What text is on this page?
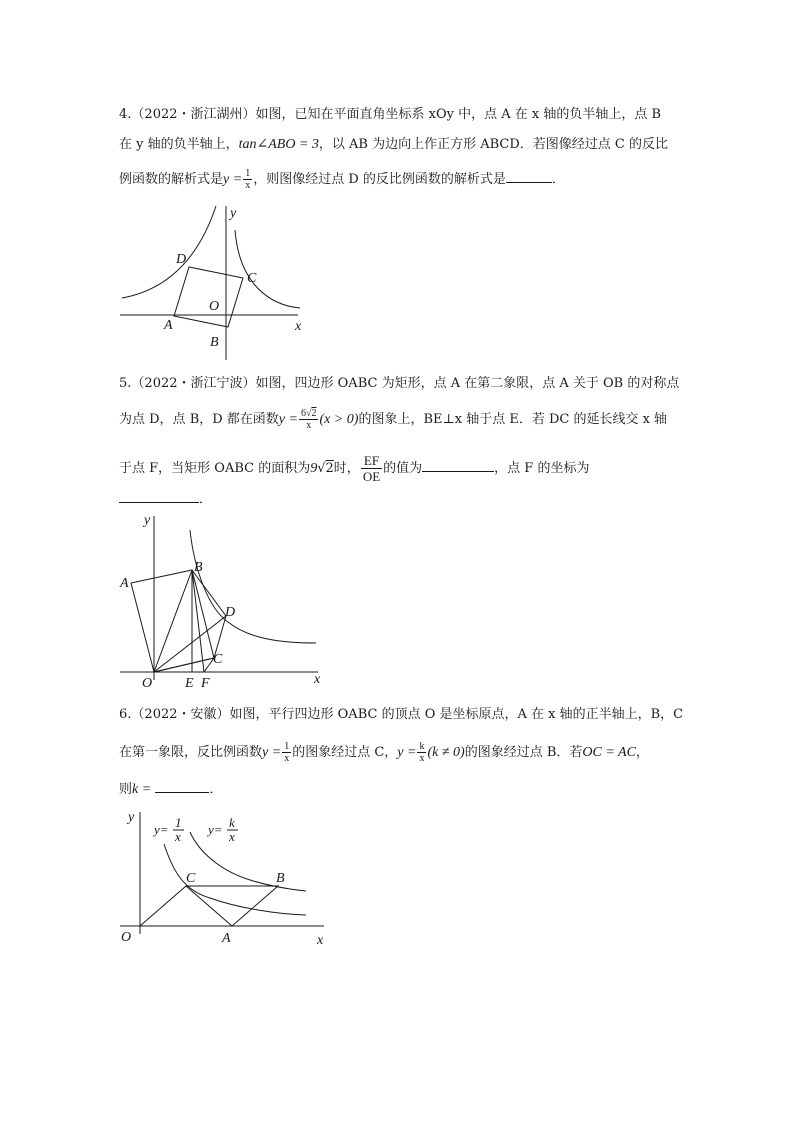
4.（2022・浙江湖州）如图，已知在平面直角坐标系 xOy 中，点 A 在 x 轴的负半轴上，点 B
在 y 轴的负半轴上，tan∠ABO = 3，以 AB 为边向上作正方形 ABCD．若图像经过点 C 的反比
例函数的解析式是$y = \frac{1}{x}$ ，则图像经过点 D 的反比例函数的解析式是	．
y
x
O
A
B
C
D
5.（2022・浙江宁波）如图，四边形 OABC 为矩形，点 A 在第二象限，点 A 关于 OB 的对称点
为点 D，点 B，D 都在函数$y = \frac{6√2}{x} (x > 0)$的图象上，BE⊥x 轴于点 E．若 DC 的延长线交 x 轴
于点 F，当矩形 OABC 的面积为9√2时， $\frac{EF}{OE}$ 的值为	，点 F 的坐标为
．
y
x
O
A
B
C
D
E F
6.（2022・安徽）如图，平行四边形 OABC 的顶点 O 是坐标原点，A 在 x 轴的正半轴上，B，C
在第一象限，反比例函数$y = \frac{1}{x}$ 的图象经过点 C，$y = \frac{k}{x} (k \ne 0)$的图象经过点 B．若OC = AC，
则k =	．
y
x
O	A
B
C
y= 1
x y= k
x
